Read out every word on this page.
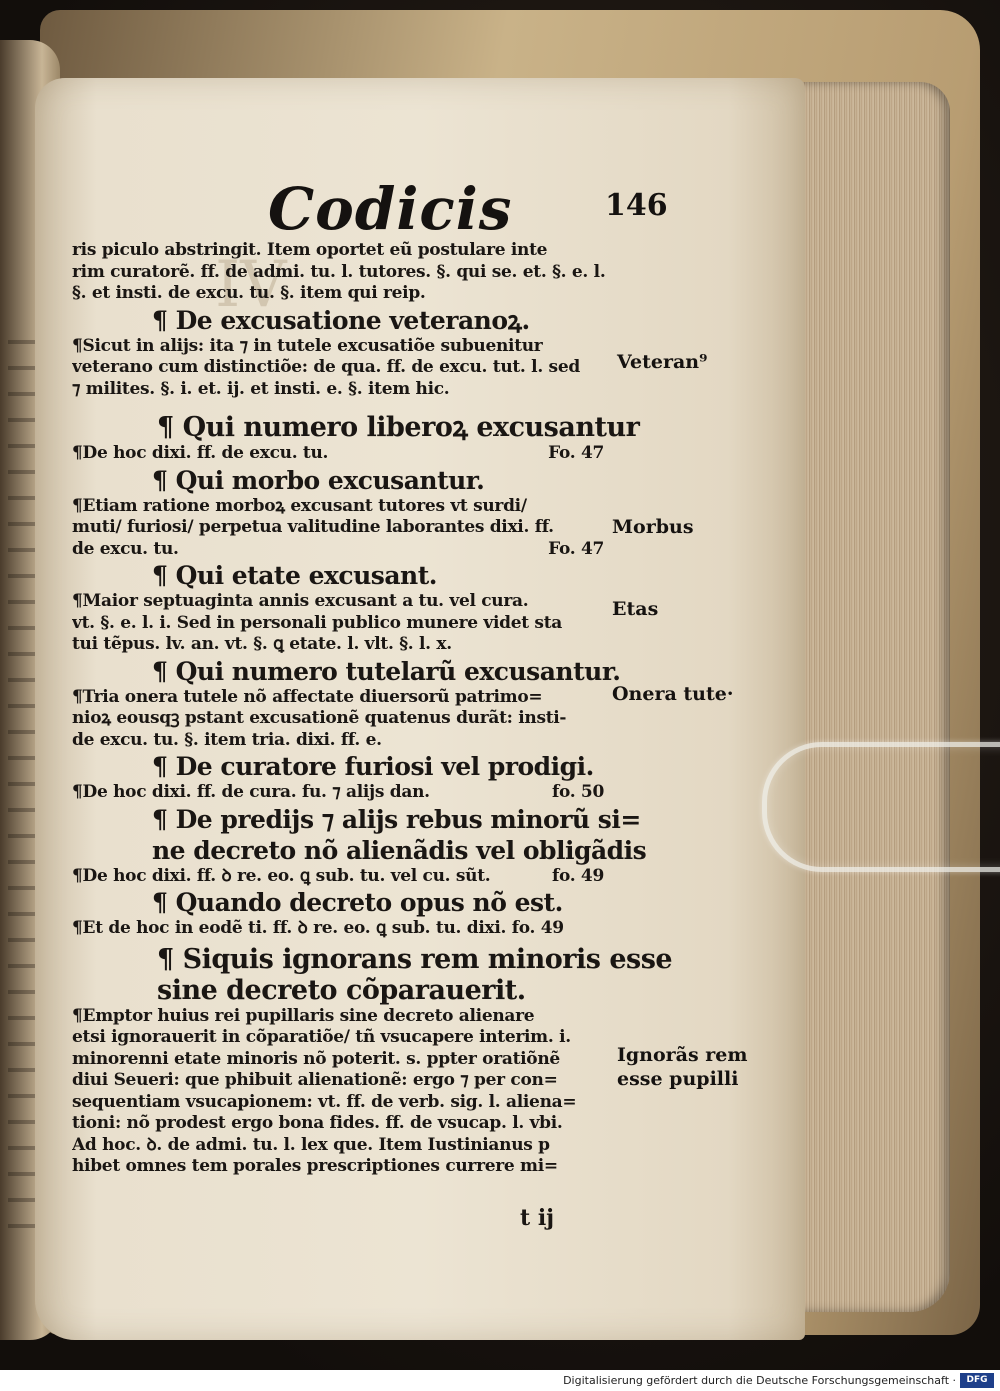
IV
Codicis	146
ris piculo abstringit. Item oportet eũ postulare inte
rim curatorẽ. ff. de admi. tu. l. tutores. §. qui se. et. §. e. l.
§. et insti. de excu. tu. §. item qui reip.
¶ De excusatione veteranoꝝ.
¶Sicut in alijs: ita ⁊ in tutele excusatiõe subuenitur
veterano cum distinctiõe: de qua. ff. de excu. tut. l. sed
⁊ milites. §. i. et. ij. et insti. e. §. item hic.
¶ Qui numero liberoꝝ excusantur
¶De hoc dixi. ff. de excu. tu.	Fo. 47
¶ Qui morbo excusantur.
¶Etiam ratione morboꝝ excusant tutores vt surdi/
muti/ furiosi/ perpetua valitudine laborantes dixi. ff.
de excu. tu.	Fo. 47
¶ Qui etate excusant.
¶Maior septuaginta annis excusant a tu. vel cura.
vt. §. e. l. i. Sed in personali publico munere videt sta
tui tẽpus. lv. an. vt. §. ꝗ etate. l. vlt. §. l. x.
¶ Qui numero tutelarũ excusantur.
¶Tria onera tutele nõ affectate diuersorũ patrimo=
nioꝝ eousqꝫ pstant excusationẽ quatenus durãt: insti-
de excu. tu. §. item tria. dixi. ff. e.
¶ De curatore furiosi vel prodigi.
¶De hoc dixi. ff. de cura. fu. ⁊ alijs dan.	fo. 50
¶ De predijs ⁊ alijs rebus minorũ si=
ne decreto nõ alienãdis vel obligãdis
¶De hoc dixi. ff. ꝺ re. eo. ꝗ sub. tu. vel cu. sũt.	fo. 49
¶ Quando decreto opus nõ est.
¶Et de hoc in eodẽ ti. ff. ꝺ re. eo. ꝗ sub. tu. dixi. fo. 49
¶ Siquis ignorans rem minoris esse
sine decreto cõparauerit.
¶Emptor huius rei pupillaris sine decreto alienare
etsi ignorauerit in cõparatiõe/ tñ vsucapere interim. i.
minorenni etate minoris nõ poterit. s. ppter oratiõnẽ
diui Seueri: que phibuit alienationẽ: ergo ⁊ per con=
sequentiam vsucapionem: vt. ff. de verb. sig. l. aliena=
tioni: nõ prodest ergo bona fides. ff. de vsucap. l. vbi.
Ad hoc. ꝺ. de admi. tu. l. lex que. Item Iustinianus p
hibet omnes tem porales prescriptiones currere mi=
t ij
Veteran⁹
Morbus
Etas
Onera tute·
Ignorãs rem
esse pupilli
Digitalisierung gefördert durch die Deutsche Forschungsgemeinschaft ·	DFG
